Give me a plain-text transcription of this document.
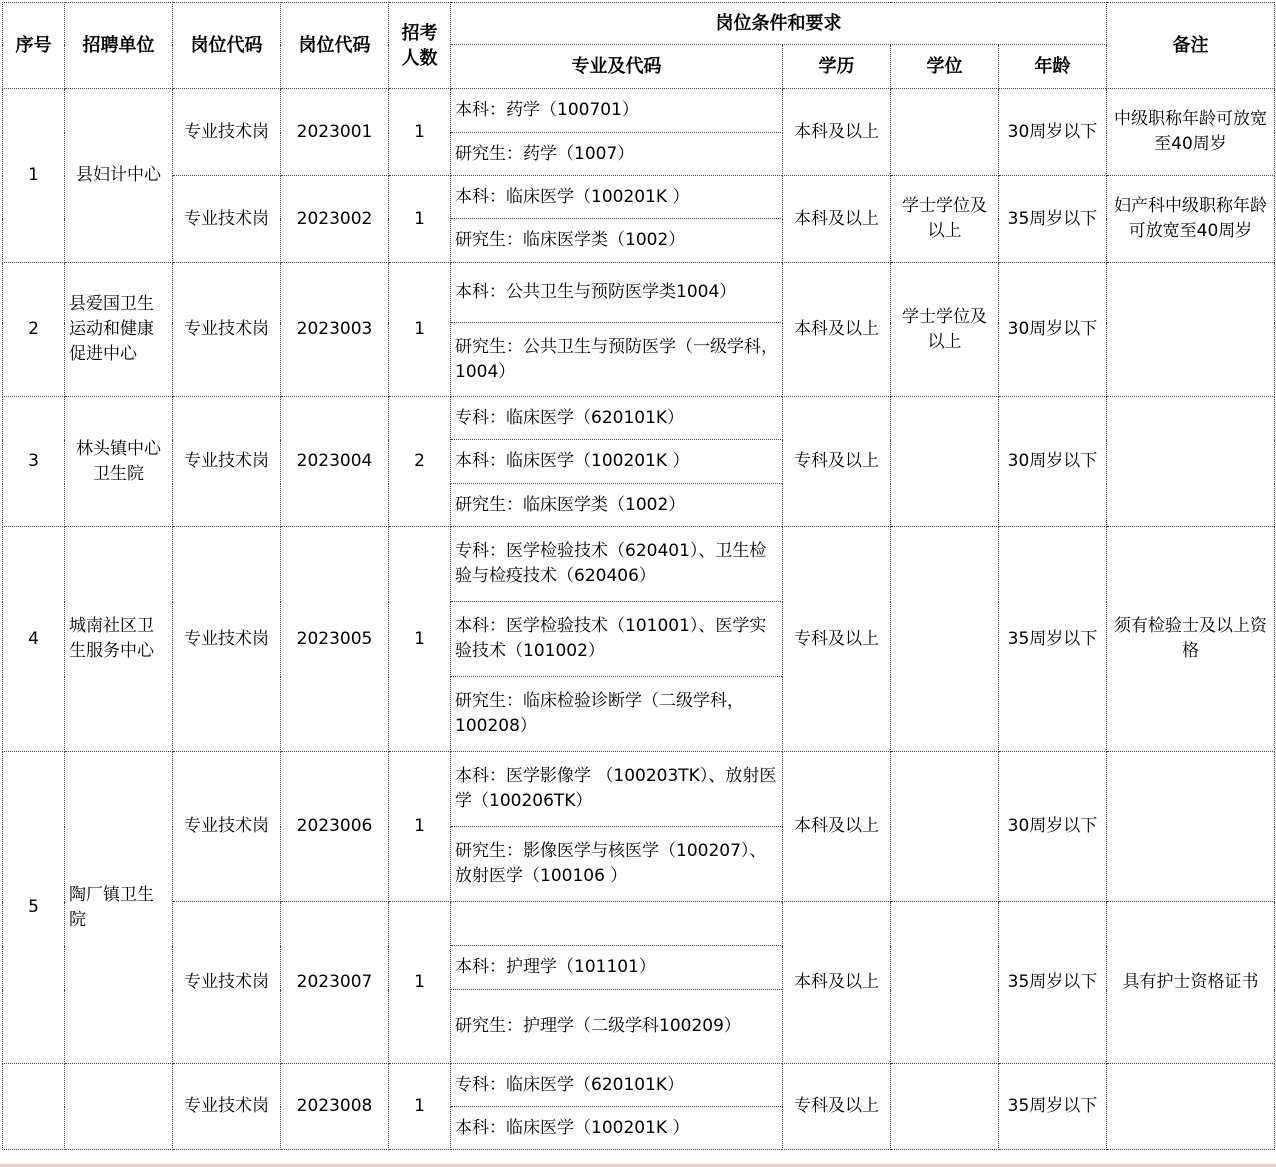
序号	招聘单位	岗位代码	岗位代码	招考
人数	岗位条件和要求				备注
					专业及代码	学历	学位	年龄	
1	县妇计中心	专业技术岗	2023001	1	本科：药学（100701）	本科及以上		30周岁以下	中级职称年龄可放宽至40周岁
					研究生：药学（1007）				
		专业技术岗	2023002	1	本科：临床医学（100201K ）	本科及以上	学士学位及以上	35周岁以下	妇产科中级职称年龄可放宽至40周岁
					研究生：临床医学类（1002）				
2	县爱国卫生运动和健康促进中心	专业技术岗	2023003	1	本科：公共卫生与预防医学类1004）	本科及以上	学士学位及以上	30周岁以下	
					研究生：公共卫生与预防医学（一级学科，1004）				
3	林头镇中心卫生院	专业技术岗	2023004	2	专科：临床医学（620101K）	专科及以上		30周岁以下	
					本科：临床医学（100201K ）				
					研究生：临床医学类（1002）				
4	城南社区卫生服务中心	专业技术岗	2023005	1	专科：医学检验技术（620401）、卫生检验与检疫技术（620406）	专科及以上		35周岁以下	须有检验士及以上资格
					本科：医学检验技术（101001）、医学实验技术（101002）				
					研究生：临床检验诊断学（二级学科，100208）				
5	陶厂镇卫生院	专业技术岗	2023006	1	本科：医学影像学 （100203TK）、放射医学（100206TK）	本科及以上		30周岁以下	
					研究生：影像医学与核医学（100207）、放射医学（100106 ）				
		专业技术岗	2023007	1		本科及以上		35周岁以下	具有护士资格证书
					本科：护理学（101101）				
					研究生：护理学（二级学科100209）				
		专业技术岗	2023008	1	专科：临床医学（620101K）	专科及以上		35周岁以下	
					本科：临床医学（100201K ）				
